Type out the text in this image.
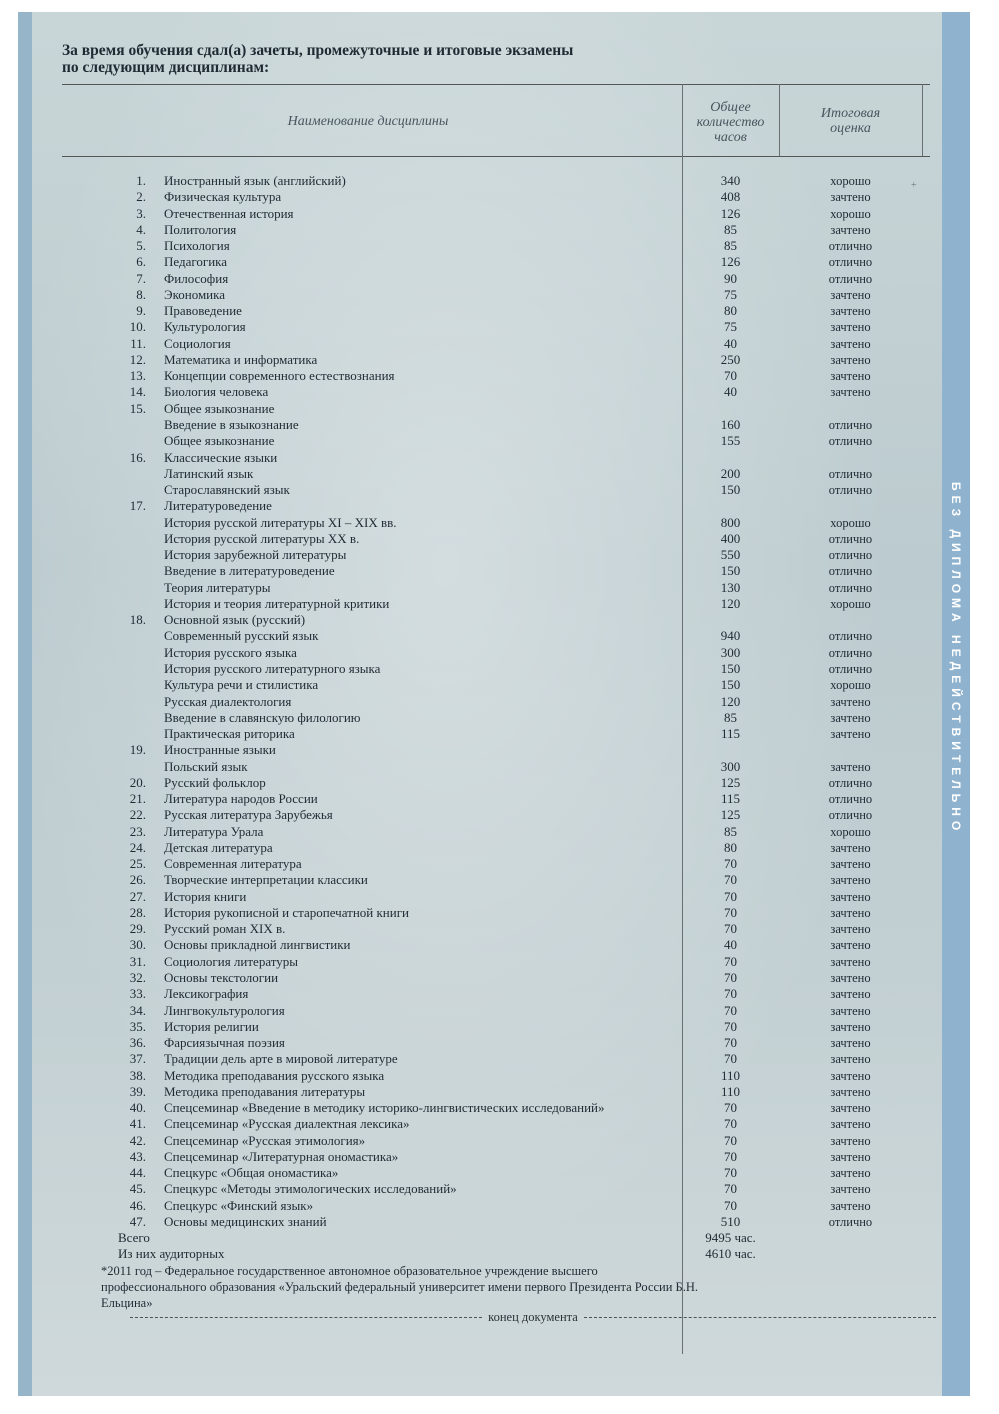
БЕЗ ДИПЛОМА НЕДЕЙСТВИТЕЛЬНО
За время обучения сдал(а) зачеты, промежуточные и итоговые экзамены
по следующим дисциплинам:
Наименование дисциплины
Общее
количество
часов
Итоговая
оценка
+
1. Иностранный язык (английский)	340	хорошо
2. Физическая культура	408	зачтено
3. Отечественная история	126	хорошо
4. Политология	85	зачтено
5. Психология	85	отлично
6. Педагогика	126	отлично
7. Философия	90	отлично
8. Экономика	75	зачтено
9. Правоведение	80	зачтено
10. Культурология	75	зачтено
11. Социология	40	зачтено
12. Математика и информатика	250	зачтено
13. Концепции современного естествознания	70	зачтено
14. Биология человека	40	зачтено
15. Общее языкознание
Введение в языкознание	160	отлично
Общее языкознание	155	отлично
16. Классические языки
Латинский язык	200	отлично
Старославянский язык	150	отлично
17. Литературоведение
История русской литературы XI – XIX вв.	800	хорошо
История русской литературы XX в.	400	отлично
История зарубежной литературы	550	отлично
Введение в литературоведение	150	отлично
Теория литературы	130	отлично
История и теория литературной критики	120	хорошо
18. Основной язык (русский)
Современный русский язык	940	отлично
История русского языка	300	отлично
История русского литературного языка	150	отлично
Культура речи и стилистика	150	хорошо
Русская диалектология	120	зачтено
Введение в славянскую филологию	85	зачтено
Практическая риторика	115	зачтено
19. Иностранные языки
Польский язык	300	зачтено
20. Русский фольклор	125	отлично
21. Литература народов России	115	отлично
22. Русская литература Зарубежья	125	отлично
23. Литература Урала	85	хорошо
24. Детская литература	80	зачтено
25. Современная литература	70	зачтено
26. Творческие интерпретации классики	70	зачтено
27. История книги	70	зачтено
28. История рукописной и старопечатной книги	70	зачтено
29. Русский роман XIX в.	70	зачтено
30. Основы прикладной лингвистики	40	зачтено
31. Социология литературы	70	зачтено
32. Основы текстологии	70	зачтено
33. Лексикография	70	зачтено
34. Лингвокультурология	70	зачтено
35. История религии	70	зачтено
36. Фарсиязычная поэзия	70	зачтено
37. Традиции дель арте в мировой литературе	70	зачтено
38. Методика преподавания русского языка	110	зачтено
39. Методика преподавания литературы	110	зачтено
40. Спецсеминар «Введение в методику историко-лингвистических исследований»	70	зачтено
41. Спецсеминар «Русская диалектная лексика»	70	зачтено
42. Спецсеминар «Русская этимология»	70	зачтено
43. Спецсеминар «Литературная ономастика»	70	зачтено
44. Спецкурс «Общая ономастика»	70	зачтено
45. Спецкурс «Методы этимологических исследований»	70	зачтено
46. Спецкурс «Финский язык»	70	зачтено
47. Основы медицинских знаний	510	отлично
Всего	9495 час.
Из них аудиторных	4610 час.

*2011 год – Федеральное государственное автономное образовательное учреждение высшего профессионального образования «Уральский федеральный университет имени первого Президента России Б.Н. Ельцина»

конец документа
